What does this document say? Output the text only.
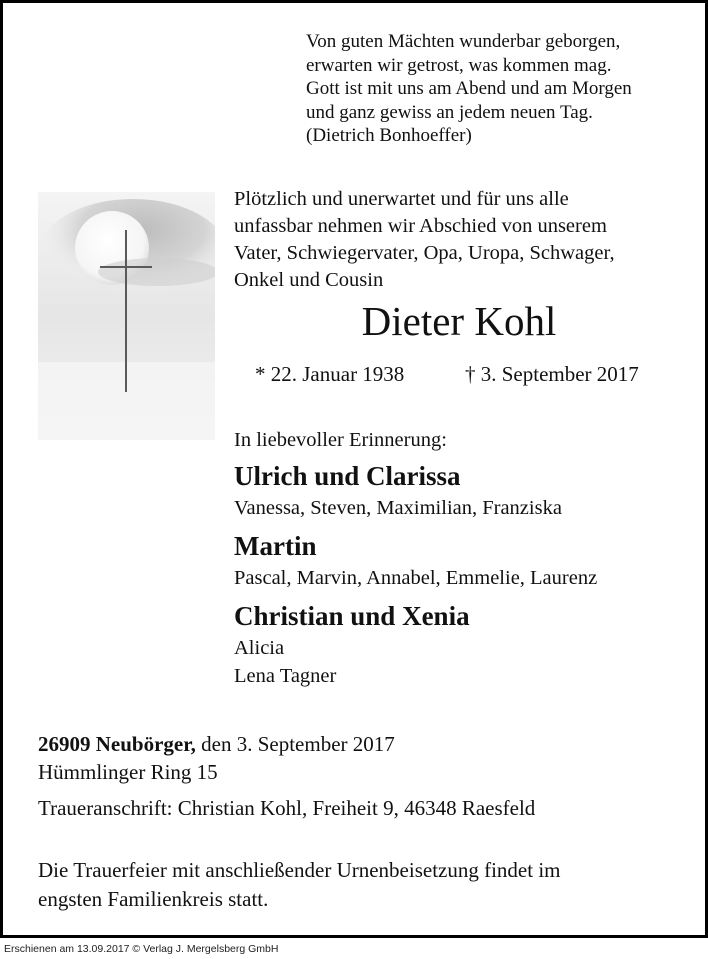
Von guten Mächten wunderbar geborgen,
erwarten wir getrost, was kommen mag.
Gott ist mit uns am Abend und am Morgen
und ganz gewiss an jedem neuen Tag.
(Dietrich Bonhoeffer)
Plötzlich und unerwartet und für uns alle
unfassbar nehmen wir Abschied von unserem
Vater, Schwiegervater, Opa, Uropa, Schwager,
Onkel und Cousin
Dieter Kohl
* 22. Januar 1938	† 3. September 2017
In liebevoller Erinnerung:
Ulrich und Clarissa
Vanessa, Steven, Maximilian, Franziska
Martin
Pascal, Marvin, Annabel, Emmelie, Laurenz
Christian und Xenia
Alicia
Lena Tagner
26909 Neubörger, den 3. September 2017
Hümmlinger Ring 15
Traueranschrift: Christian Kohl, Freiheit 9, 46348 Raesfeld
Die Trauerfeier mit anschließender Urnenbeisetzung findet im
engsten Familienkreis statt.
Erschienen am 13.09.2017 © Verlag J. Mergelsberg GmbH
